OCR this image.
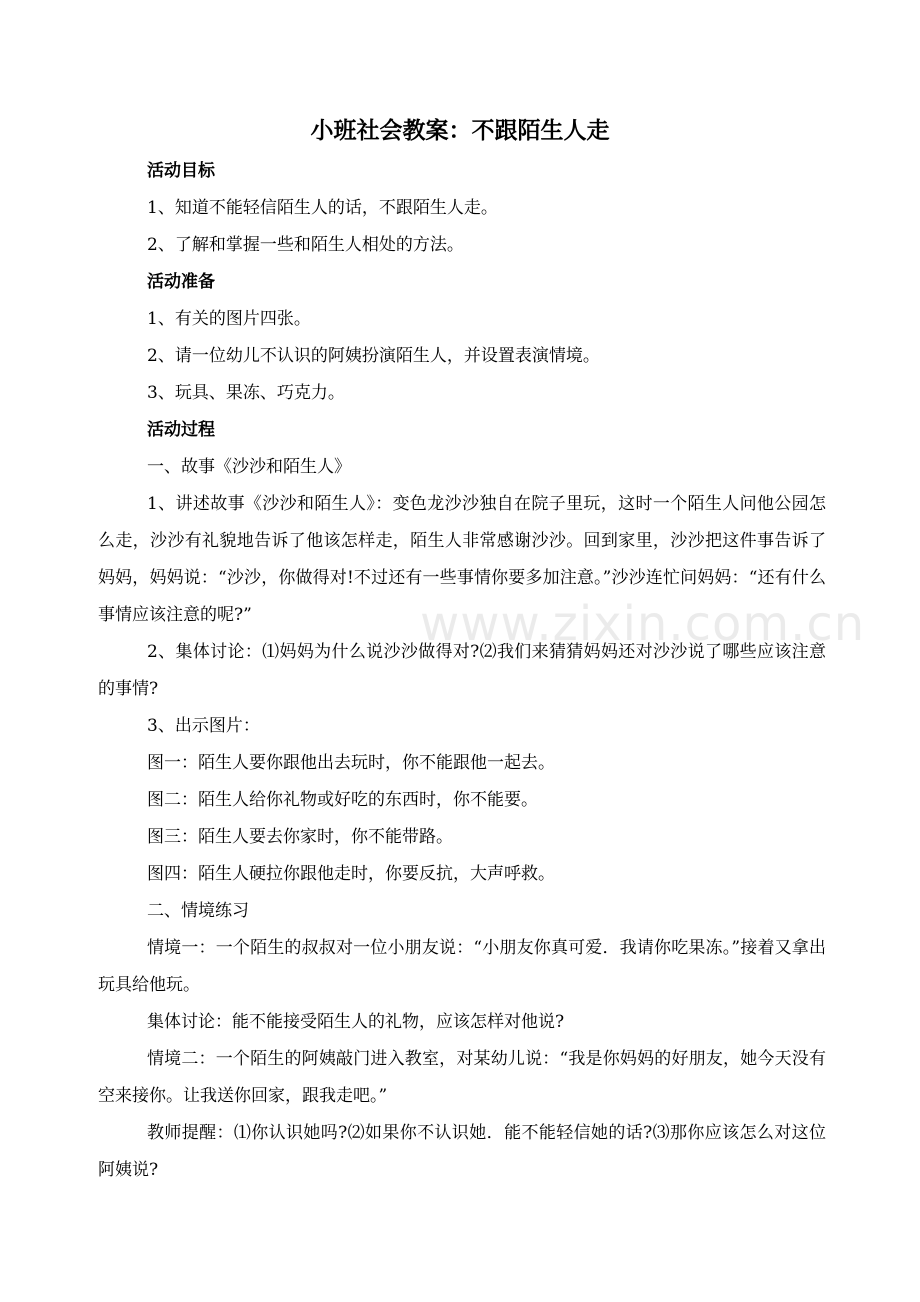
www.zixin.com.cn
小班社会教案：不跟陌生人走

活动目标

1、知道不能轻信陌生人的话，不跟陌生人走。

2、了解和掌握一些和陌生人相处的方法。

活动准备

1、有关的图片四张。

2、请一位幼儿不认识的阿姨扮演陌生人，并设置表演情境。

3、玩具、果冻、巧克力。

活动过程

一、故事《沙沙和陌生人》

1、讲述故事《沙沙和陌生人》：变色龙沙沙独自在院子里玩，这时一个陌生人问他公园怎么走，沙沙有礼貌地告诉了他该怎样走，陌生人非常感谢沙沙。回到家里，沙沙把这件事告诉了妈妈，妈妈说：“沙沙，你做得对!不过还有一些事情你要多加注意。”沙沙连忙问妈妈：“还有什么事情应该注意的呢?”

2、集体讨论：⑴妈妈为什么说沙沙做得对?⑵我们来猜猜妈妈还对沙沙说了哪些应该注意的事情?

3、出示图片：

图一：陌生人要你跟他出去玩时，你不能跟他一起去。

图二：陌生人给你礼物或好吃的东西时，你不能要。

图三：陌生人要去你家时，你不能带路。

图四：陌生人硬拉你跟他走时，你要反抗，大声呼救。

二、情境练习

情境一：一个陌生的叔叔对一位小朋友说：“小朋友你真可爱．我请你吃果冻。”接着又拿出玩具给他玩。

集体讨论：能不能接受陌生人的礼物，应该怎样对他说?

情境二：一个陌生的阿姨敲门进入教室，对某幼儿说：“我是你妈妈的好朋友，她今天没有空来接你。让我送你回家，跟我走吧。”

教师提醒：⑴你认识她吗?⑵如果你不认识她．能不能轻信她的话?⑶那你应该怎么对这位阿姨说?
